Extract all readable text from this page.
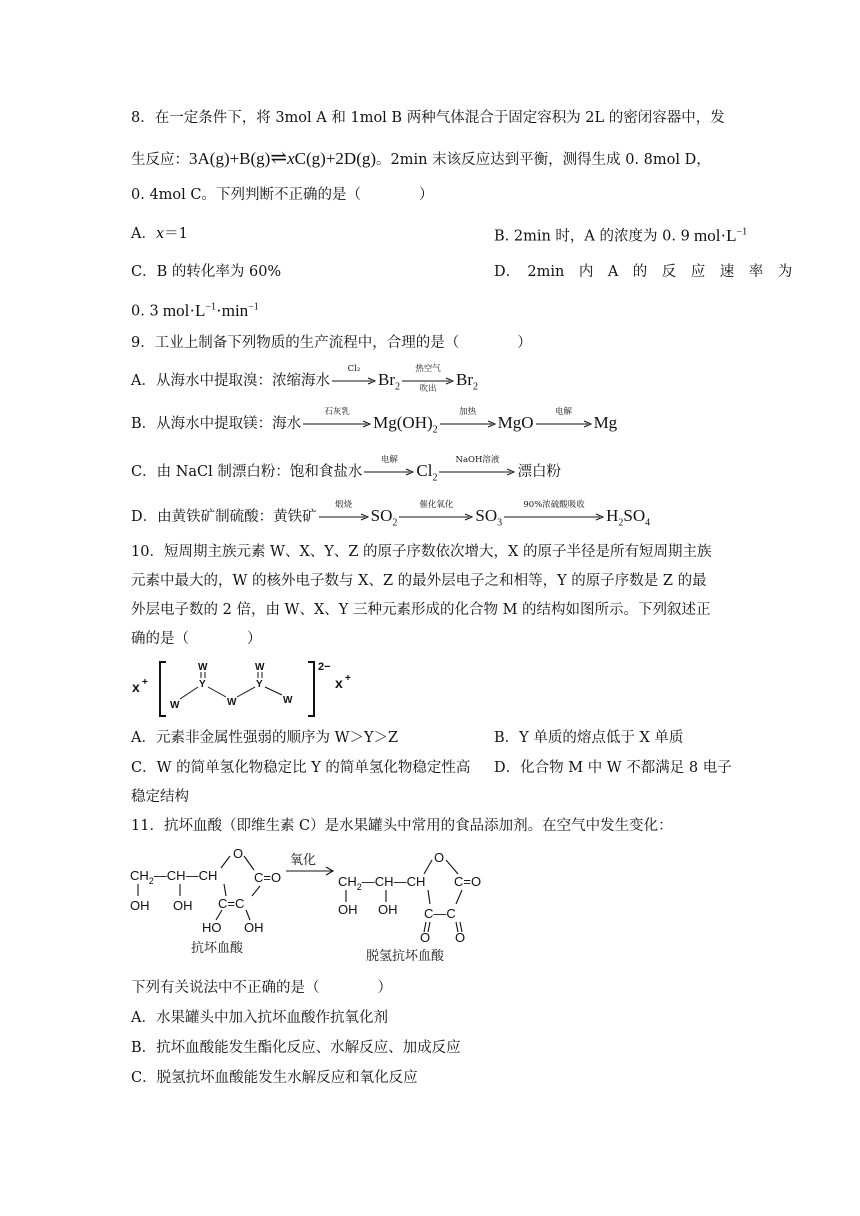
8．在一定条件下，将 3mol A 和 1mol B 两种气体混合于固定容积为 2L 的密闭容器中，发
生反应：3A(g)+B(g)⇌xC(g)+2D(g)。2min 末该反应达到平衡，测得生成 0. 8mol D，
0. 4mol C。下列判断不正确的是（　　　　）
A．x＝1	B. 2min 时，A 的浓度为 0. 9 $mol\cdot L^{-1}$
C．B 的转化率为 60%	D．　2min　内　A　的　反　应　速　率　为
0. 3 $mol\cdot L^{-1}\cdot\min^{-1}$
9．工业上制备下列物质的生产流程中，合理的是（　　　　）
A．从海水中提取溴：浓缩海水
Cl₂
$Br_2$
热空气
吹出	$Br_2$
B．从海水中提取镁：海水
石灰乳
$Mg(OH)_2$
加热
MgO
电解
Mg
C．由 NaCl 制漂白粉：饱和食盐水
电解
$Cl_2$
NaOH溶液
漂白粉
D．由黄铁矿制硫酸：黄铁矿
煅烧
$SO_2$
催化氧化
$SO_3$
90%浓硫酸吸收
$H_2SO_4$
10．短周期主族元素 W、X、Y、Z 的原子序数依次增大，X 的原子半径是所有短周期主族
元素中最大的，W 的核外电子数与 X、Z 的最外层电子之和相等，Y 的原子序数是 Z 的最
外层电子数的 2 倍，由 W、X、Y 三种元素形成的化合物 M 的结构如图所示。下列叙述正
确的是（　　　　）
x +	x +
2−
W
Y
W	W
W
Y
W
A．元素非金属性强弱的顺序为 W＞Y＞Z	B．Y 单质的熔点低于 X 单质
C．W 的简单氢化物稳定比 Y 的简单氢化物稳定性高 D．化合物 M 中 W 不都满足 8 电子
稳定结构
11．抗坏血酸（即维生素 C）是水果罐头中常用的食品添加剂。在空气中发生变化：
$CH_2—CH—CH$
O
C=O
C=C
OH OH
HO OH
抗坏血酸
氧化
$CH_2—CH—CH$
O
C=O
C—C
OH OH
O O
脱氢抗坏血酸
下列有关说法中不正确的是（　　　　）
A．水果罐头中加入抗坏血酸作抗氧化剂
B．抗坏血酸能发生酯化反应、水解反应、加成反应
C．脱氢抗坏血酸能发生水解反应和氧化反应
